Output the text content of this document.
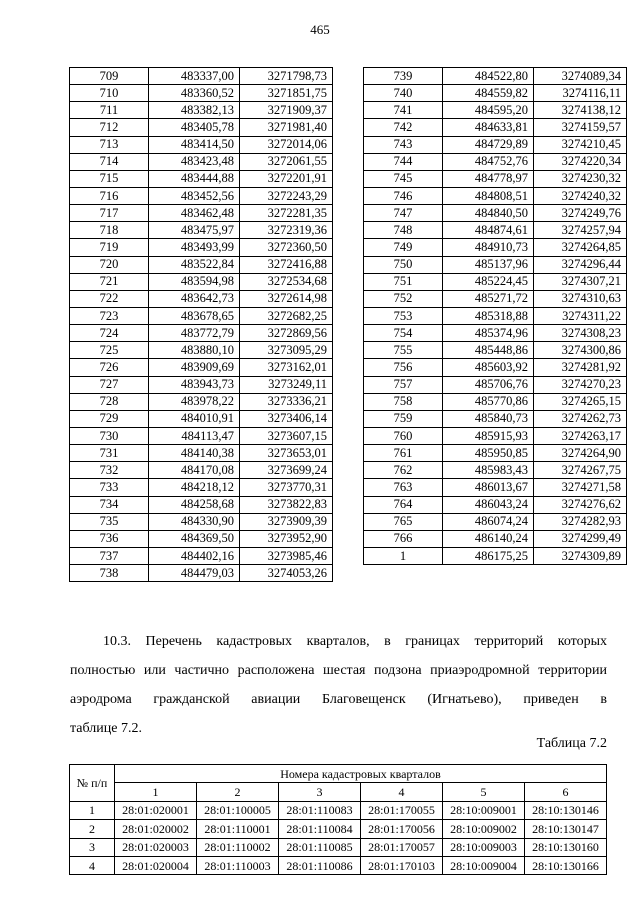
465
709	483337,00	3271798,73
710	483360,52	3271851,75
711	483382,13	3271909,37
712	483405,78	3271981,40
713	483414,50	3272014,06
714	483423,48	3272061,55
715	483444,88	3272201,91
716	483452,56	3272243,29
717	483462,48	3272281,35
718	483475,97	3272319,36
719	483493,99	3272360,50
720	483522,84	3272416,88
721	483594,98	3272534,68
722	483642,73	3272614,98
723	483678,65	3272682,25
724	483772,79	3272869,56
725	483880,10	3273095,29
726	483909,69	3273162,01
727	483943,73	3273249,11
728	483978,22	3273336,21
729	484010,91	3273406,14
730	484113,47	3273607,15
731	484140,38	3273653,01
732	484170,08	3273699,24
733	484218,12	3273770,31
734	484258,68	3273822,83
735	484330,90	3273909,39
736	484369,50	3273952,90
737	484402,16	3273985,46
738	484479,03	3274053,26
739	484522,80	3274089,34
740	484559,82	3274116,11
741	484595,20	3274138,12
742	484633,81	3274159,57
743	484729,89	3274210,45
744	484752,76	3274220,34
745	484778,97	3274230,32
746	484808,51	3274240,32
747	484840,50	3274249,76
748	484874,61	3274257,94
749	484910,73	3274264,85
750	485137,96	3274296,44
751	485224,45	3274307,21
752	485271,72	3274310,63
753	485318,88	3274311,22
754	485374,96	3274308,23
755	485448,86	3274300,86
756	485603,92	3274281,92
757	485706,76	3274270,23
758	485770,86	3274265,15
759	485840,73	3274262,73
760	485915,93	3274263,17
761	485950,85	3274264,90
762	485983,43	3274267,75
763	486013,67	3274271,58
764	486043,24	3274276,62
765	486074,24	3274282,93
766	486140,24	3274299,49
1	486175,25	3274309,89
10.3. Перечень кадастровых кварталов, в границах территорий которых
полностью или частично расположена шестая подзона приаэродромной территории
аэродрома гражданской авиации Благовещенск (Игнатьево), приведен в
таблице 7.2.
Таблица 7.2
№ п/п	Номера кадастровых кварталов					
	1	2	3	4	5	6
1	28:01:020001	28:01:100005	28:01:110083	28:01:170055	28:10:009001	28:10:130146
2	28:01:020002	28:01:110001	28:01:110084	28:01:170056	28:10:009002	28:10:130147
3	28:01:020003	28:01:110002	28:01:110085	28:01:170057	28:10:009003	28:10:130160
4	28:01:020004	28:01:110003	28:01:110086	28:01:170103	28:10:009004	28:10:130166
